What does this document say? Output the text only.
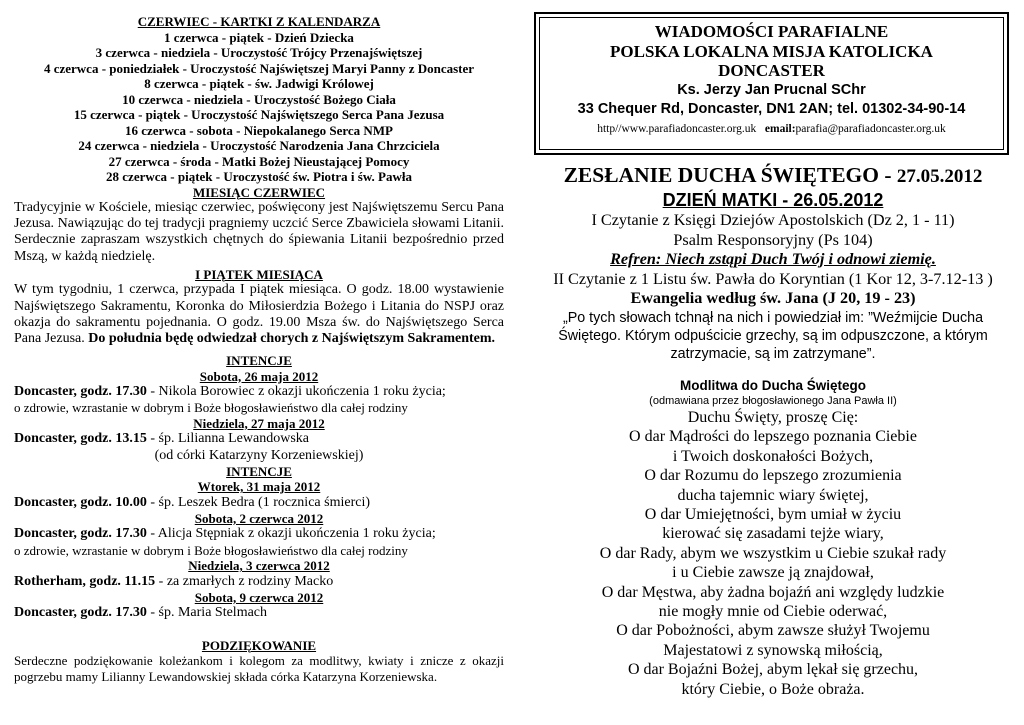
CZERWIEC - KARTKI Z KALENDARZA
1 czerwca - piątek - Dzień Dziecka
3 czerwca - niedziela - Uroczystość Trójcy Przenajświętszej
4 czerwca - poniedziałek - Uroczystość Najświętszej Maryi Panny z Doncaster
8 czerwca - piątek - św. Jadwigi Królowej
10 czerwca - niedziela - Uroczystość Bożego Ciała
15 czerwca - piątek - Uroczystość Najświętszego Serca Pana Jezusa
16 czerwca - sobota - Niepokalanego Serca NMP
24 czerwca - niedziela - Uroczystość Narodzenia Jana Chrzciciela
27 czerwca - środa - Matki Bożej Nieustającej Pomocy
28 czerwca - piątek - Uroczystość św. Piotra i św. Pawła
MIESIĄC CZERWIEC
Tradycyjnie w Kościele, miesiąc czerwiec, poświęcony jest Najświętszemu Sercu Pana Jezusa. Nawiązując do tej tradycji pragniemy uczcić Serce Zbawiciela słowami Litanii. Serdecznie zapraszam wszystkich chętnych do śpiewania Litanii bezpośrednio przed Mszą, w każdą niedzielę.
I PIĄTEK MIESIĄCA
W tym tygodniu, 1 czerwca, przypada I piątek miesiąca. O godz. 18.00 wystawienie Najświętszego Sakramentu, Koronka do Miłosierdzia Bożego i Litania do NSPJ oraz okazja do sakramentu pojednania. O godz. 19.00 Msza św. do Najświętszego Serca Pana Jezusa. Do południa będę odwiedzał chorych z Najświętszym Sakramentem.
INTENCJE
Sobota, 26 maja 2012
Doncaster, godz. 17.30 - Nikola Borowiec z okazji ukończenia 1 roku życia;
o zdrowie, wzrastanie w dobrym i Boże błogosławieństwo dla całej rodziny
Niedziela, 27 maja 2012
Doncaster, godz. 13.15 - śp. Lilianna Lewandowska
(od córki Katarzyny Korzeniewskiej)
INTENCJE
Wtorek, 31 maja 2012
Doncaster, godz. 10.00 - śp. Leszek Bedra (1 rocznica śmierci)
Sobota, 2 czerwca 2012
Doncaster, godz. 17.30 - Alicja Stępniak z okazji ukończenia 1 roku życia;
o zdrowie, wzrastanie w dobrym i Boże błogosławieństwo dla całej rodziny
Niedziela, 3 czerwca 2012
Rotherham, godz. 11.15 - za zmarłych z rodziny Macko
Sobota, 9 czerwca 2012
Doncaster, godz. 17.30 - śp. Maria Stelmach
PODZIĘKOWANIE
Serdeczne podziękowanie koleżankom i kolegom za modlitwy, kwiaty i znicze z okazji pogrzebu mamy Lilianny Lewandowskiej składa córka Katarzyna Korzeniewska.
WIADOMOŚCI PARAFIALNE
POLSKA LOKALNA MISJA KATOLICKA
DONCASTER
Ks. Jerzy Jan Prucnal SChr
33 Chequer Rd, Doncaster, DN1 2AN; tel. 01302-34-90-14
http//www.parafiadoncaster.org.uk email:parafia@parafiadoncaster.org.uk
ZESŁANIE DUCHA ŚWIĘTEGO - 27.05.2012
DZIEŃ MATKI - 26.05.2012
I Czytanie z Księgi Dziejów Apostolskich (Dz 2, 1 - 11)
Psalm Responsoryjny (Ps 104)
Refren: Niech zstąpi Duch Twój i odnowi ziemię.
II Czytanie z 1 Listu św. Pawła do Koryntian (1 Kor 12, 3-7.12-13 )
Ewangelia według św. Jana (J 20, 19 - 23)
„Po tych słowach tchnął na nich i powiedział im: ”Weźmijcie Ducha Świętego. Którym odpuścicie grzechy, są im odpuszczone, a którym zatrzymacie, są im zatrzymane”.
Modlitwa do Ducha Świętego
(odmawiana przez błogosławionego Jana Pawła II)
Duchu Święty, proszę Cię:
O dar Mądrości do lepszego poznania Ciebie
i Twoich doskonałości Bożych,
O dar Rozumu do lepszego zrozumienia
ducha tajemnic wiary świętej,
O dar Umiejętności, bym umiał w życiu
kierować się zasadami tejże wiary,
O dar Rady, abym we wszystkim u Ciebie szukał rady
i u Ciebie zawsze ją znajdował,
O dar Męstwa, aby żadna bojaźń ani względy ludzkie
nie mogły mnie od Ciebie oderwać,
O dar Pobożności, abym zawsze służył Twojemu
Majestatowi z synowską miłością,
O dar Bojaźni Bożej, abym lękał się grzechu,
który Ciebie, o Boże obraża.
